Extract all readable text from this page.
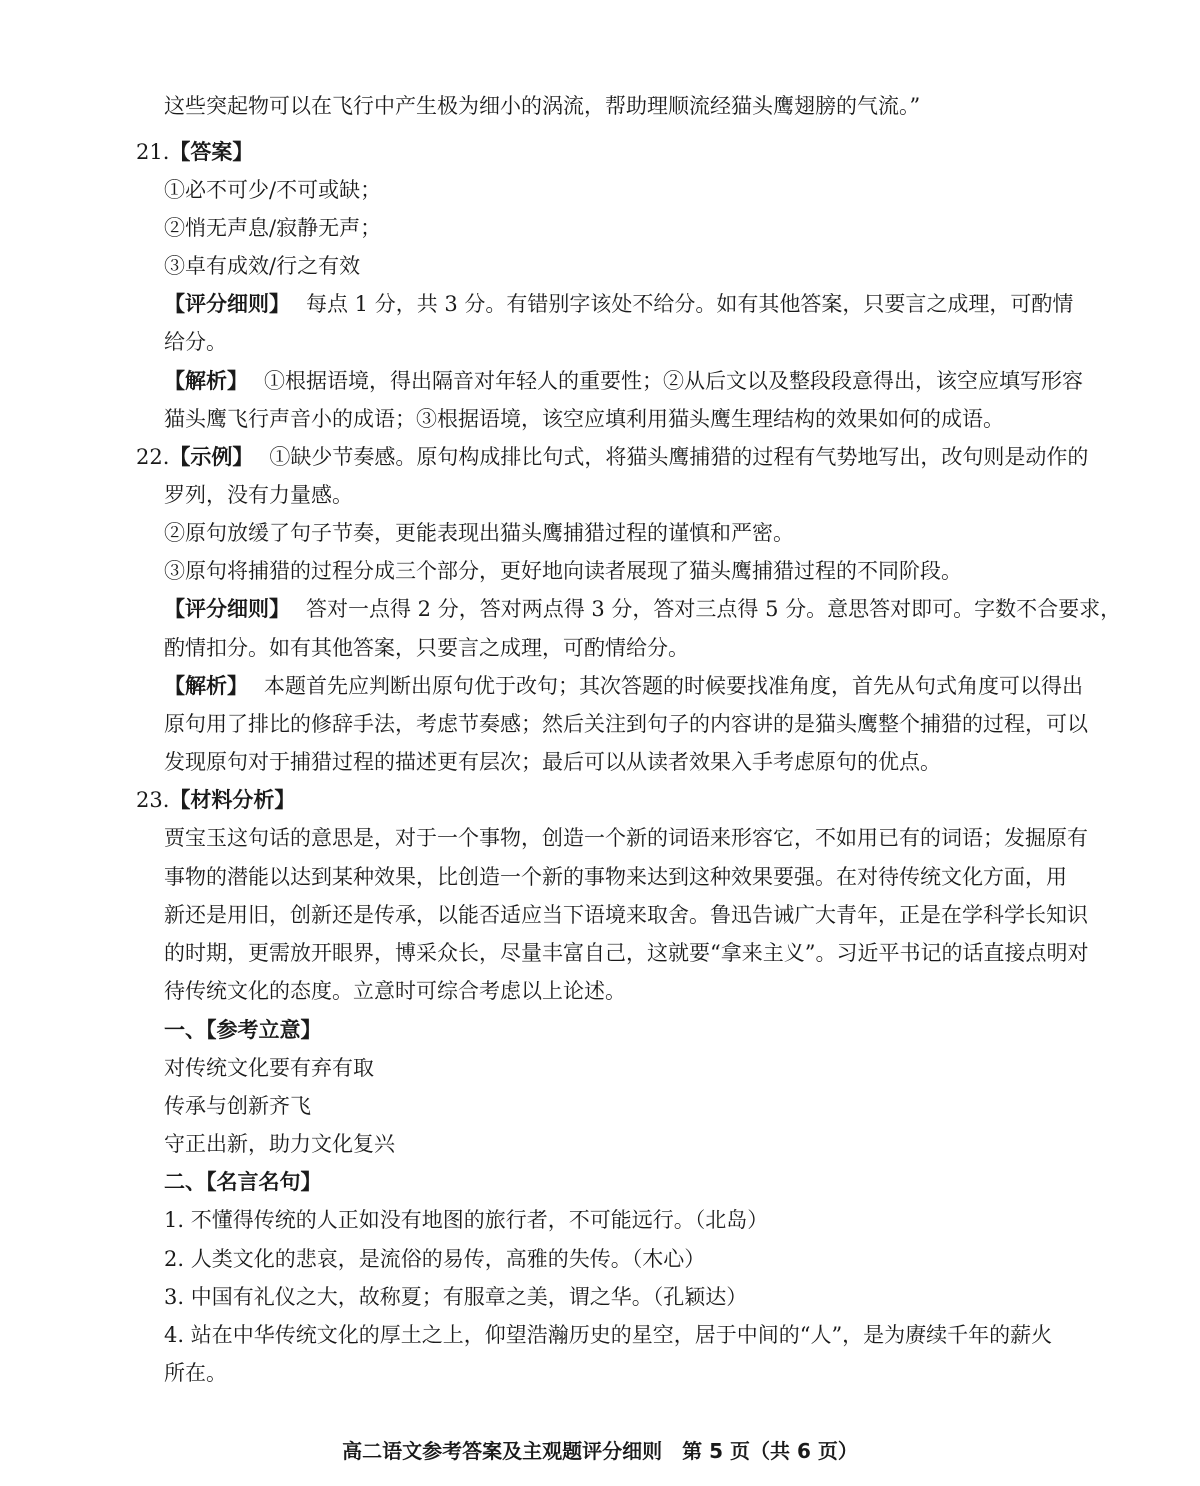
这些突起物可以在飞行中产生极为细小的涡流，帮助理顺流经猫头鹰翅膀的气流。”
21.【答案】
①必不可少/不可或缺；
②悄无声息/寂静无声；
③卓有成效/行之有效
【评分细则】 每点 1 分，共 3 分。有错别字该处不给分。如有其他答案，只要言之成理，可酌情
给分。
【解析】 ①根据语境，得出隔音对年轻人的重要性；②从后文以及整段段意得出，该空应填写形容
猫头鹰飞行声音小的成语；③根据语境，该空应填利用猫头鹰生理结构的效果如何的成语。
22.【示例】 ①缺少节奏感。原句构成排比句式，将猫头鹰捕猎的过程有气势地写出，改句则是动作的
罗列，没有力量感。
②原句放缓了句子节奏，更能表现出猫头鹰捕猎过程的谨慎和严密。
③原句将捕猎的过程分成三个部分，更好地向读者展现了猫头鹰捕猎过程的不同阶段。
【评分细则】 答对一点得 2 分，答对两点得 3 分，答对三点得 5 分。意思答对即可。字数不合要求，
酌情扣分。如有其他答案，只要言之成理，可酌情给分。
【解析】 本题首先应判断出原句优于改句；其次答题的时候要找准角度，首先从句式角度可以得出
原句用了排比的修辞手法，考虑节奏感；然后关注到句子的内容讲的是猫头鹰整个捕猎的过程，可以
发现原句对于捕猎过程的描述更有层次；最后可以从读者效果入手考虑原句的优点。
23.【材料分析】
贾宝玉这句话的意思是，对于一个事物，创造一个新的词语来形容它，不如用已有的词语；发掘原有
事物的潜能以达到某种效果，比创造一个新的事物来达到这种效果要强。在对待传统文化方面，用
新还是用旧，创新还是传承，以能否适应当下语境来取舍。鲁迅告诫广大青年，正是在学科学长知识
的时期，更需放开眼界，博采众长，尽量丰富自己，这就要“拿来主义”。习近平书记的话直接点明对
待传统文化的态度。立意时可综合考虑以上论述。
一、【参考立意】
对传统文化要有弃有取
传承与创新齐飞
守正出新，助力文化复兴
二、【名言名句】
1. 不懂得传统的人正如没有地图的旅行者，不可能远行。（北岛）
2. 人类文化的悲哀，是流俗的易传，高雅的失传。（木心）
3. 中国有礼仪之大，故称夏；有服章之美，谓之华。（孔颖达）
4. 站在中华传统文化的厚土之上，仰望浩瀚历史的星空，居于中间的“人”，是为赓续千年的薪火
所在。
高二语文参考答案及主观题评分细则　第 5 页（共 6 页）
